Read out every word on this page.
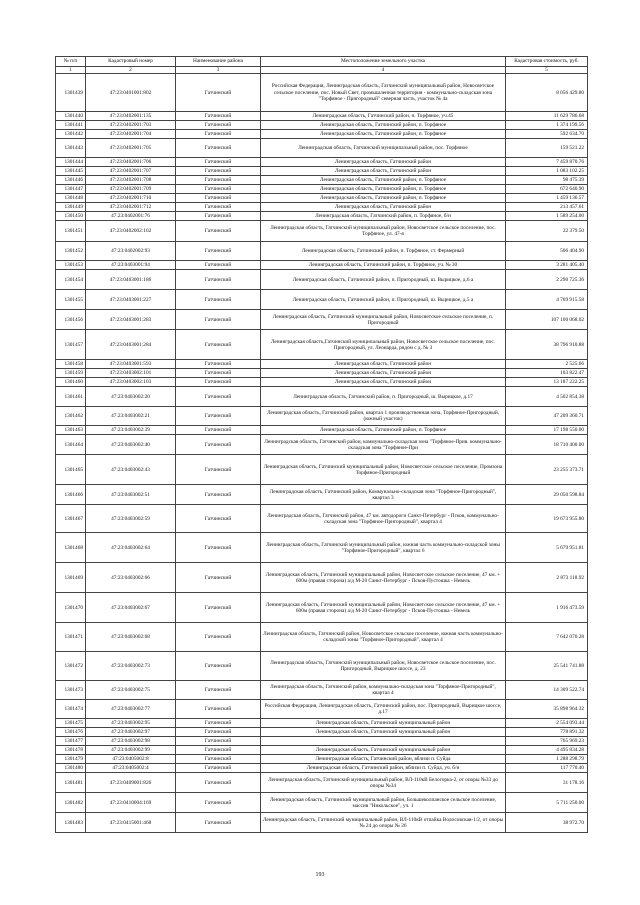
№ п/п	Кадастровый номер	Наименование района	Местоположение земельного участка	Кадастровая стоимость, руб.
1	2	3	4	5
1301439	47:23:0401001:802	Гатчинский	Российская Федерация, Ленинградская область, Гатчинский муниципальный район, Новосветское сельское поселение, пос. Новый Свет, промышленная территория - коммунально-складская зона "Торфяное - Пригородный" северная часть, участок № 4а	8 056 429.80
1301440	47:23:0402001:135	Гатчинский	Ленинградская область, Гатчинский район, п. Торфяное, уч.45	11 629 786.68
1301441	47:23:0402001:703	Гатчинский	Ленинградская область, Гатчинский район, п. Торфяное	1 374 199.56
1301442	47:23:0402001:704	Гатчинский	Ленинградская область, Гатчинский район, п. Торфяное	592 634.70
1301443	47:23:0402001:705	Гатчинский	Ленинградская область, Гатчинский муниципальный район, пос. Торфяное	159 521.22
1301444	47:23:0402001:706	Гатчинский	Ленинградская область, Гатчинский район	7 459 870.76
1301445	47:23:0402001:707	Гатчинский	Ленинградская область, Гатчинский район	1 083 102.25
1301446	47:23:0402001:708	Гатчинский	Ленинградская область, Гатчинский район, п. Торфяное	98 475.39
1301447	47:23:0402001:709	Гатчинский	Ленинградская область, Гатчинский район, п. Торфяное	672 640.90
1301448	47:23:0402001:710	Гатчинский	Ленинградская область, Гатчинский район, п. Торфяное	1 459 136.57
1301449	47:23:0402001:712	Гатчинский	Ленинградская область, Гатчинский район	213 457.61
1301450	47:23:0402001:76	Гатчинский	Ленинградская область, Гатчинский район, п. Торфяное, б/н	1 589 254.00
1301451	47:23:0402002:102	Гатчинский	Ленинградская область, Гатчинский муниципальный район, Новосветское сельское поселение, пос. Торфяное, ул. 47-я	22 379.50
1301452	47:23:0402002:93	Гатчинский	Ленинградская область, Гатчинский район, п. Торфяное, ст. Фермерный	506 404.90
1301453	47:23:0403001:94	Гатчинский	Ленинградская область, Гатчинский район, п. Торфяное, уч. № 30	3 281 405.40
1301454	47:23:0403001:186	Гатчинский	Ленинградская область, Гатчинский район, п. Пригородный, ш. Вырицкое, д.6 а	2 290 725.36
1301455	47:23:0403001:227	Гатчинский	Ленинградская область, Гатчинский район, п. Пригородный, ш. Вырицкое, д.5 а	4 769 915.58
1301456	47:23:0403001:283	Гатчинский	Ленинградская область, Гатчинский муниципальный район, Новосветское сельское поселение, п. Пригородный	107 100 068.02
1301457	47:23:0403001:284	Гатчинский	Ленинградская область,Гатчинский муниципальный район, Новосветское сельское поселение, пос. Пригородный, ул. Леонарда, рядом с д. № 3	38 796 910.88
1301458	47:23:0403001:593	Гатчинский	Ленинградская область, Гатчинский район	2 525.66
1301459	47:23:0403002:101	Гатчинский	Ленинградская область, Гатчинский район	103 822.47
1301460	47:23:0403002:103	Гатчинский	Ленинградская область, Гатчинский район	13 187 222.25
1301461	47:23:0403002:20	Гатчинский	Ленинградская область, Гатчинский район, п. Пригородный, ш. Вырицкое, д.17	4 502 854.38
1301462	47:23:0403002:21	Гатчинский	Ленинградская область, Гатчинский район, квартал 1 производственная зона, Торфяное-Пригородный, (южный участок)	47 209 360.71
1301463	47:23:0403002:39	Гатчинский	Ленинградская область, Гатчинский район, п. Торфяное	17 198 550.00
1301464	47:23:0403002:40	Гатчинский	Ленинградская область, Гатчинский район, коммунально-складская зона "Торфяное-Прив. коммунально-складская зона "Торфяное-При	18 710 400.00
1301465	47:23:0403002:43	Гатчинский	Ленинградская область, Гатчинский муниципальный район, Новосветское сельское поселение, Промзона Торфяное-Пригородный	23 255 373.71
1301466	47:23:0403002:51	Гатчинский	Ленинградская область, Гатчинский район, Коммунально-складская зона "Торфяное-Пригородный", квартал 3	29 050 598.84
1301467	47:23:0403002:59	Гатчинский	Ленинградская область, Гатчинский район, 47 км. автодороги Санкт-Петербург - Псков, коммунально-складская зона "Торфяное-Пригородный", квартал 4	19 673 955.80
1301468	47:23:0403002:64	Гатчинский	Ленинградская область, Гатчинский муниципальный район, южная часть коммунально-складской зоны "Торфяное-Пригородный", квартал 6	5 679 951.81
1301469	47:23:0403002:66	Гатчинский	Ленинградская область, Гатчинский муниципальный район, Новосветское сельское поселение, 47 км. + 600м (правая сторона) а/д М-20 Санкт-Петербург - Псков-Пустошка - Невель	2 873 118.92
1301470	47:23:0403002:67	Гатчинский	Ленинградская область, Гатчинский муниципальный район, Новосветское сельское поселение, 47 км. + 600м (правая сторона) а/д М-20 Санкт-Петербург - Псков-Пустошка - Невель	1 916 473.59
1301471	47:23:0403002:68	Гатчинский	Ленинградская область, Гатчинский район, Новосветское сельское поселение, южная часть коммунально-складской зоны "Торфяное-Пригородный", квартал 4	7 642 070.28
1301472	47:23:0403002:73	Гатчинский	Ленинградская область, Гатчинский муниципальный район, Новосветское сельское поселение, пос. Пригородный, Вырицкое шоссе, д. 23	25 541 741.88
1301473	47:23:0403002:75	Гатчинский	Ленинградская область, Гатчинский район, коммунально-складская зона "Торфяное-Пригородный", квартал 4	14 309 522.74
1301474	47:23:0403002:77	Гатчинский	Российская Федерация, Ленинградская область, Гатчинский район, пос. Пригородный, Вырицкое шоссе, д.17	35 898 964.32
1301475	47:23:0403002:95	Гатчинский	Ленинградская область, Гатчинский муниципальный район	2 554 093.44
1301476	47:23:0403002:97	Гатчинский	Ленинградская область, Гатчинский муниципальный район	778 891.32
1301477	47:23:0403002:98	Гатчинский		765 969.23
1301478	47:23:0403002:99	Гатчинский	Ленинградская область, Гатчинский муниципальный район	4 495 834.28
1301479	47:23:0405002:8	Гатчинский	Ленинградская область, Гатчинский район, вблизи п. Суйда	1 288 298.79
1301480	47:23:0405002:4	Гатчинский	Ленинградская область, Гатчинский район, вблизи п. Суйда, уч. б/н	117 770.40
1301481	47:23:0409001:826	Гатчинский	Ленинградская область, Гатчинский муниципальный район, ВЛ-110кВ Белогорка-2, от опоры №33 до опоры №34	31 178.16
1301482	47:23:0410004:169	Гатчинский	Ленинградская область, Гатчинский муниципальный район, Большеколпанское сельское поселение, массив "Никольское", уч. 1	5 711 250.00
1301483	47:23:0415001:468	Гатчинский	Ленинградская область, Гатчинский муниципальный район, ВЛ-110кВ отпайка Волосовская-1/2, от опоры № 24 до опоры № 26	38 972.70
193
